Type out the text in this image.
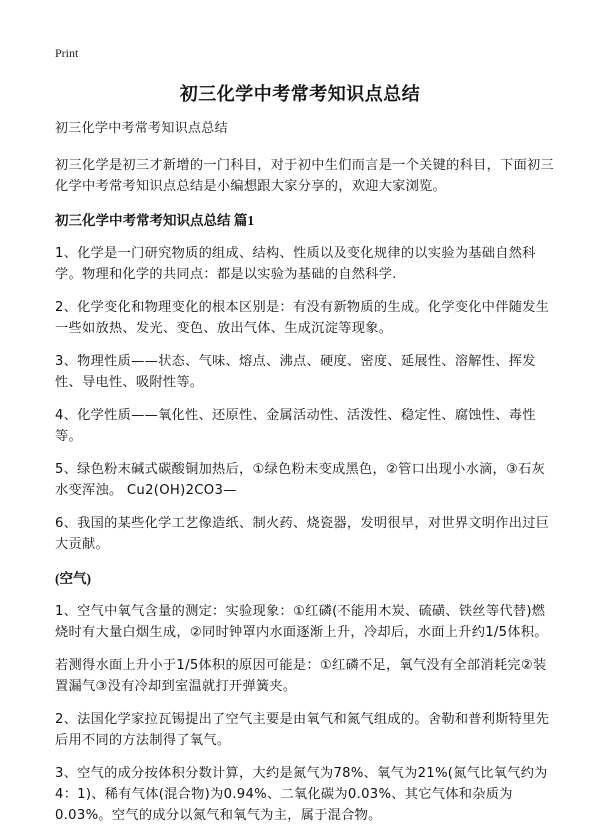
Print
初三化学中考常考知识点总结
初三化学中考常考知识点总结
初三化学是初三才新增的一门科目，对于初中生们而言是一个关键的科目，下面初三化学中考常考知识点总结是小编想跟大家分享的，欢迎大家浏览。
初三化学中考常考知识点总结 篇1
1、化学是一门研究物质的组成、结构、性质以及变化规律的以实验为基础自然科学。物理和化学的共同点：都是以实验为基础的自然科学.
2、化学变化和物理变化的根本区别是：有没有新物质的生成。化学变化中伴随发生一些如放热、发光、变色、放出气体、生成沉淀等现象。
3、物理性质——状态、气味、熔点、沸点、硬度、密度、延展性、溶解性、挥发性、导电性、吸附性等。
4、化学性质——氧化性、还原性、金属活动性、活泼性、稳定性、腐蚀性、毒性等。
5、绿色粉末碱式碳酸铜加热后，①绿色粉末变成黑色，②管口出现小水滴，③石灰水变浑浊。 Cu2(OH)2CO3—
6、我国的某些化学工艺像造纸、制火药、烧瓷器，发明很早，对世界文明作出过巨大贡献。
(空气)
1、空气中氧气含量的测定：实验现象：①红磷(不能用木炭、硫磺、铁丝等代替)燃烧时有大量白烟生成，②同时钟罩内水面逐渐上升，冷却后，水面上升约1/5体积。
若测得水面上升小于1/5体积的原因可能是：①红磷不足，氧气没有全部消耗完②装置漏气③没有冷却到室温就打开弹簧夹。
2、法国化学家拉瓦锡提出了空气主要是由氧气和氮气组成的。舍勒和普利斯特里先后用不同的方法制得了氧气。
3、空气的成分按体积分数计算，大约是氮气为78%、氧气为21%(氮气比氧气约为4：1)、稀有气体(混合物)为0.94%、二氧化碳为0.03%、其它气体和杂质为0.03%。空气的成分以氮气和氧气为主，属于混合物。
